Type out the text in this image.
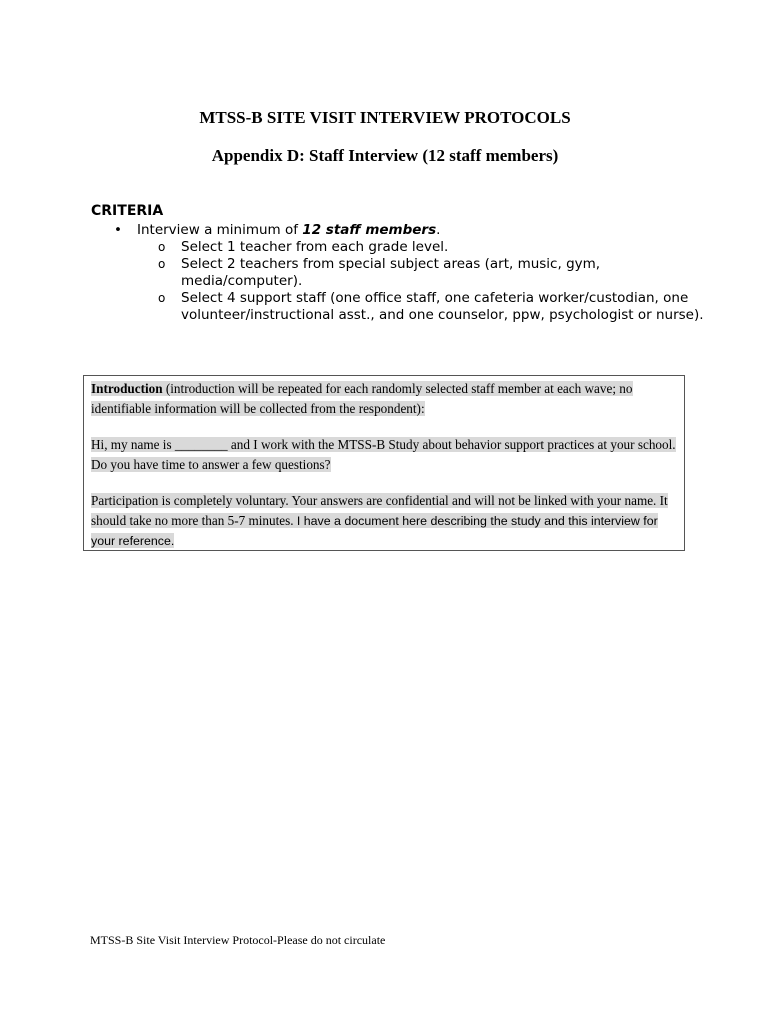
MTSS-B SITE VISIT INTERVIEW PROTOCOLS
Appendix D: Staff Interview (12 staff members)
CRITERIA
• Interview a minimum of 12 staff members.
o Select 1 teacher from each grade level.
o Select 2 teachers from special subject areas (art, music, gym, media/computer).
o Select 4 support staff (one office staff, one cafeteria worker/custodian, one volunteer/instructional asst., and one counselor, ppw, psychologist or nurse).

Introduction (introduction will be repeated for each randomly selected staff member at each wave; no identifiable information will be collected from the respondent):

Hi, my name is ________ and I work with the MTSS-B Study about behavior support practices at your school. Do you have time to answer a few questions?

Participation is completely voluntary. Your answers are confidential and will not be linked with your name. It should take no more than 5-7 minutes. I have a document here describing the study and this interview for your reference.

MTSS-B Site Visit Interview Protocol-Please do not circulate
